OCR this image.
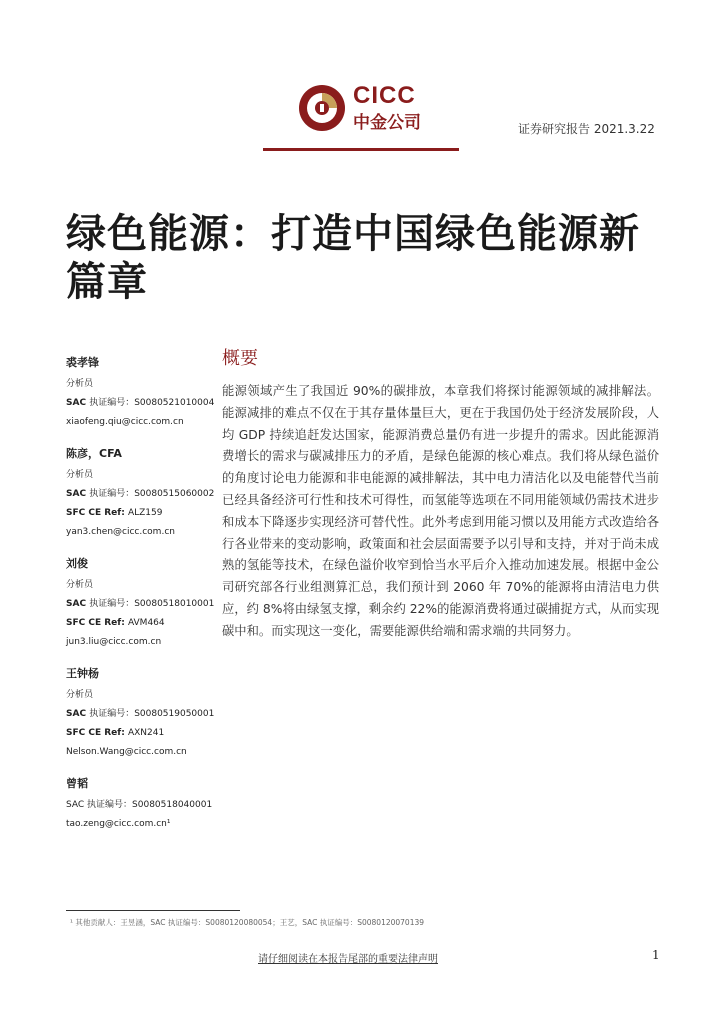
CICC
中金公司	证券研究报告 2021.3.22
绿色能源：打造中国绿色能源新篇章
裘孝锋
分析员
SAC 执证编号：S0080521010004
xiaofeng.qiu@cicc.com.cn
陈彦，CFA
分析员
SAC 执证编号：S0080515060002
SFC CE Ref: ALZ159
yan3.chen@cicc.com.cn
刘俊
分析员
SAC 执证编号：S0080518010001
SFC CE Ref: AVM464
jun3.liu@cicc.com.cn
王钟杨
分析员
SAC 执证编号：S0080519050001
SFC CE Ref: AXN241
Nelson.Wang@cicc.com.cn
曾韬
SAC 执证编号：S0080518040001
tao.zeng@cicc.com.cn¹
概要
能源领域产生了我国近 90%的碳排放，本章我们将探讨能源领域的减排解法。能源减排的难点不仅在于其存量体量巨大，更在于我国仍处于经济发展阶段，人均 GDP 持续追赶发达国家，能源消费总量仍有进一步提升的需求。因此能源消费增长的需求与碳减排压力的矛盾，是绿色能源的核心难点。我们将从绿色溢价的角度讨论电力能源和非电能源的减排解法，其中电力清洁化以及电能替代当前已经具备经济可行性和技术可得性，而氢能等选项在不同用能领域仍需技术进步和成本下降逐步实现经济可替代性。此外考虑到用能习惯以及用能方式改造给各行各业带来的变动影响，政策面和社会层面需要予以引导和支持，并对于尚未成熟的氢能等技术，在绿色溢价收窄到恰当水平后介入推动加速发展。根据中金公司研究部各行业组测算汇总，我们预计到 2060 年 70%的能源将由清洁电力供应，约 8%将由绿氢支撑，剩余约 22%的能源消费将通过碳捕捉方式，从而实现碳中和。而实现这一变化，需要能源供给端和需求端的共同努力。
¹ 其他贡献人：王昱涵，SAC 执证编号：S0080120080054；王艺，SAC 执证编号：S0080120070139
请仔细阅读在本报告尾部的重要法律声明	1
